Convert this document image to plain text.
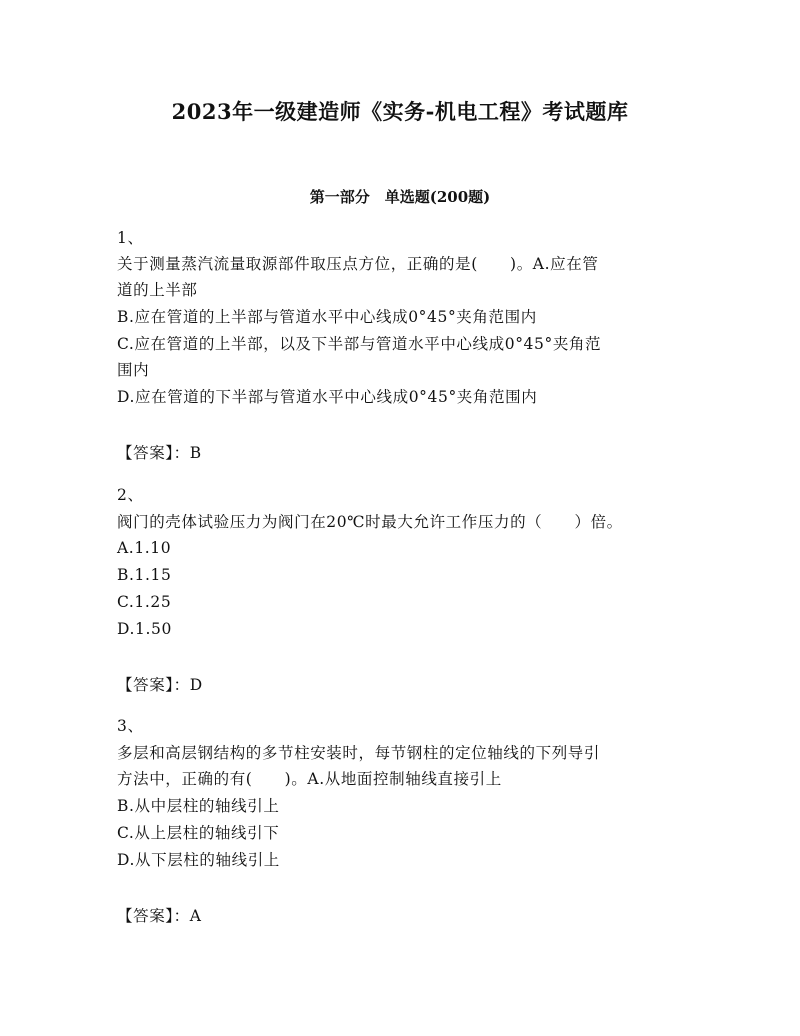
2023年一级建造师《实务-机电工程》考试题库
第一部分　单选题(200题)
1、
关于测量蒸汽流量取源部件取压点方位，正确的是(　　)。A.应在管
道的上半部
B.应在管道的上半部与管道水平中心线成0°45°夹角范围内
C.应在管道的上半部，以及下半部与管道水平中心线成0°45°夹角范
围内
D.应在管道的下半部与管道水平中心线成0°45°夹角范围内
【答案】：B
2、
阀门的壳体试验压力为阀门在20℃时最大允许工作压力的（　　）倍。
A.1.10
B.1.15
C.1.25
D.1.50
【答案】：D
3、
多层和高层钢结构的多节柱安装时，每节钢柱的定位轴线的下列导引
方法中，正确的有(　　)。A.从地面控制轴线直接引上
B.从中层柱的轴线引上
C.从上层柱的轴线引下
D.从下层柱的轴线引上
【答案】：A
